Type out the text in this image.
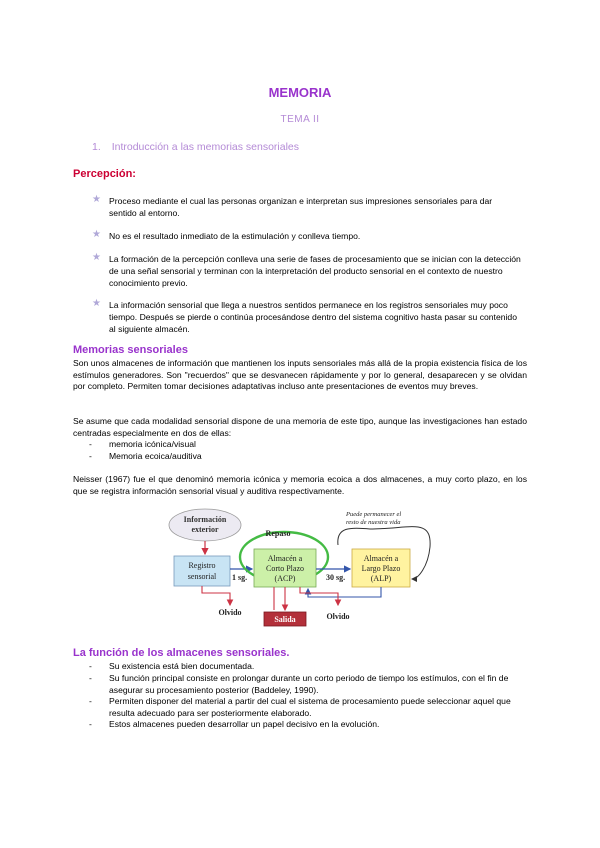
MEMORIA
TEMA II
1. Introducción a las memorias sensoriales
Percepción:
★ Proceso mediante el cual las personas organizan e interpretan sus impresiones sensoriales para dar sentido al entorno.
★ No es el resultado inmediato de la estimulación y conlleva tiempo.
★ La formación de la percepción conlleva una serie de fases de procesamiento que se inician con la detección de una señal sensorial y terminan con la interpretación del producto sensorial en el contexto de nuestro conocimiento previo.
★ La información sensorial que llega a nuestros sentidos permanece en los registros sensoriales muy poco tiempo. Después se pierde o continúa procesándose dentro del sistema cognitivo hasta pasar su contenido al siguiente almacén.
Memorias sensoriales
Son unos almacenes de información que mantienen los inputs sensoriales más allá de la propia existencia física de los estímulos generadores. Son "recuerdos" que se desvanecen rápidamente y por lo general, desaparecen y se olvidan por completo. Permiten tomar decisiones adaptativas incluso ante presentaciones de eventos muy breves.
Se asume que cada modalidad sensorial dispone de una memoria de este tipo, aunque las investigaciones han estado centradas especialmente en dos de ellas:
- memoria icónica/visual
- Memoria ecoica/auditiva
Neisser (1967) fue el que denominó memoria icónica y memoria ecoica a dos almacenes, a muy corto plazo, en los que se registra información sensorial visual y auditiva respectivamente.
Información
exterior
Registro
sensorial 1 sg.
Repaso
Almacén a
Corto Plazo
(ACP)	30 sg.
Almacén a
Largo Plazo
(ALP)
Puede permanecer el
resto de nuestra vida
Olvido	Olvido
Salida
La función de los almacenes sensoriales.
- Su existencia está bien documentada.
- Su función principal consiste en prolongar durante un corto periodo de tiempo los estímulos, con el fin de asegurar su procesamiento posterior (Baddeley, 1990).
- Permiten disponer del material a partir del cual el sistema de procesamiento puede seleccionar aquel que resulta adecuado para ser posteriormente elaborado.
- Estos almacenes pueden desarrollar un papel decisivo en la evolución.
